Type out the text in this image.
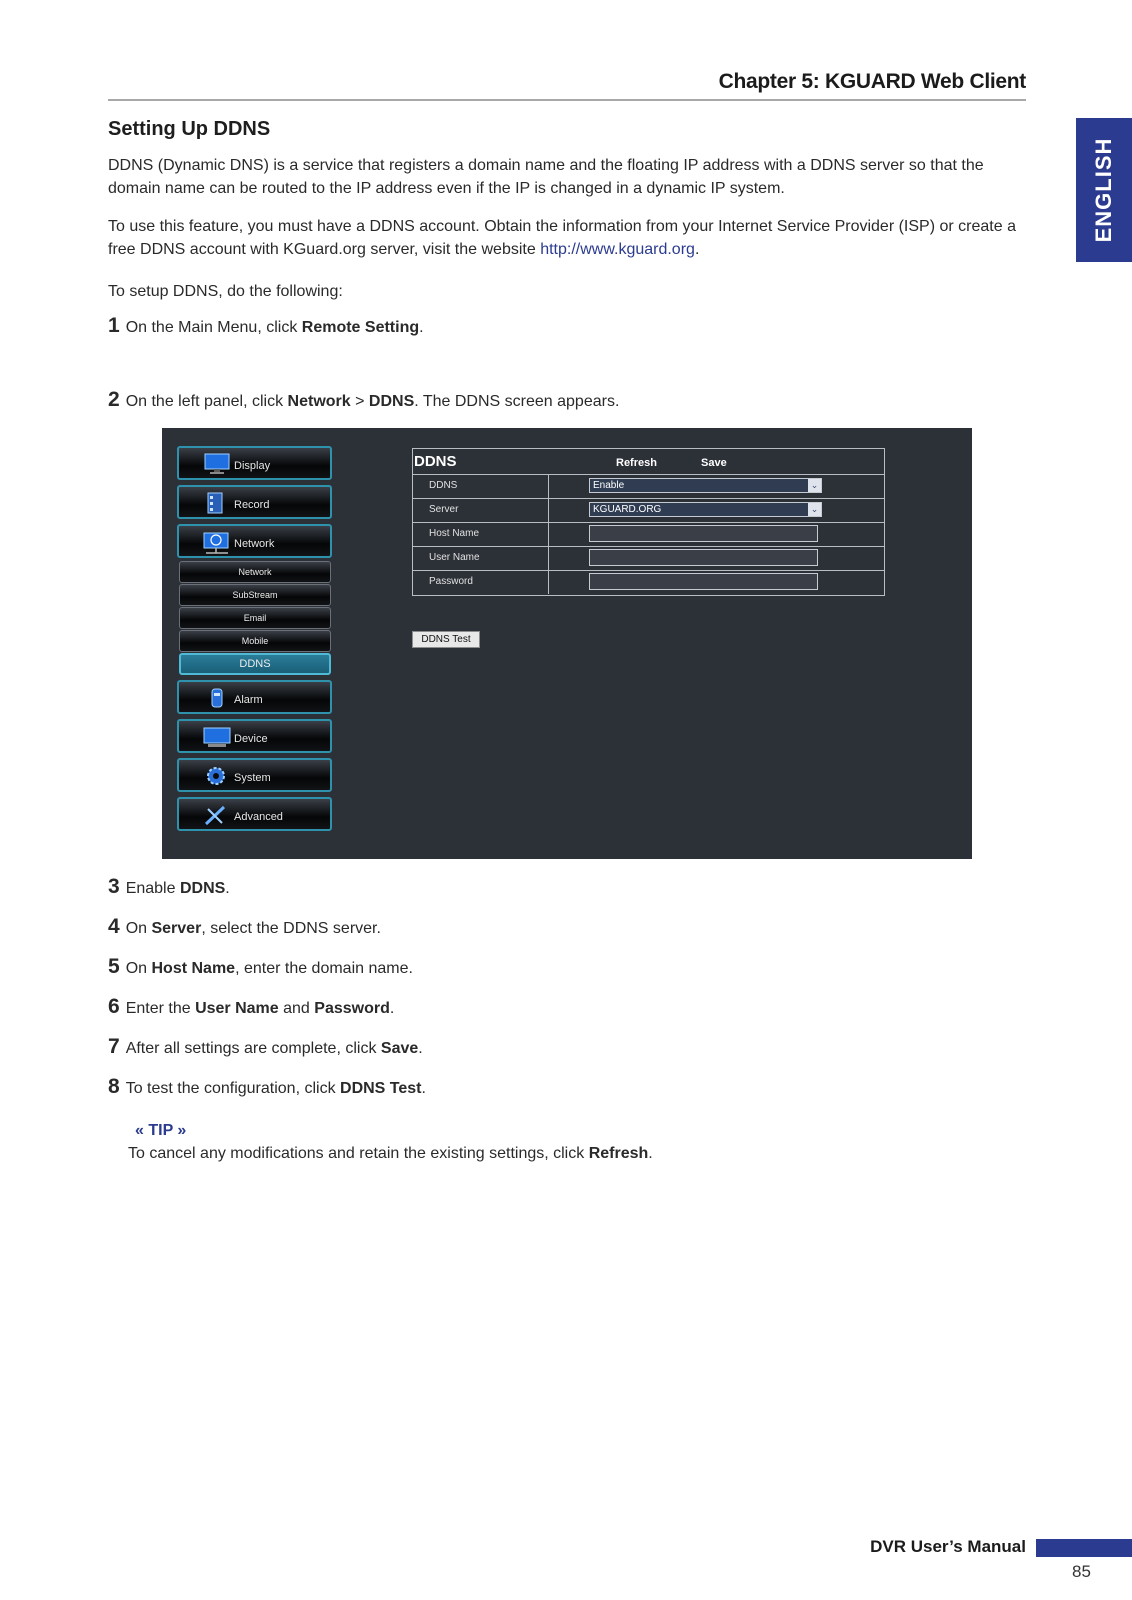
Chapter 5: KGUARD Web Client
ENGLISH
Setting Up DDNS
DDNS (Dynamic DNS) is a service that registers a domain name and the floating IP address with a DDNS server so that the domain name can be routed to the IP address even if the IP is changed in a dynamic IP system.
To use this feature, you must have a DDNS account. Obtain the information from your Internet Service Provider (ISP) or create a free DDNS account with KGuard.org server, visit the website http://www.kguard.org.
To setup DDNS, do the following:
1 On the Main Menu, click Remote Setting.
2 On the left panel, click Network > DDNS. The DDNS screen appears.
Display
Record
Network
Network
SubStream
Email
Mobile
DDNS
Alarm
Device
System
Advanced
DDNS	Refresh	Save
DDNS	Enable	⌄
Server	KGUARD.ORG	⌄
Host Name
User Name
Password
DDNS Test
3 Enable DDNS.
4 On Server, select the DDNS server.
5 On Host Name, enter the domain name.
6 Enter the User Name and Password.
7 After all settings are complete, click Save.
8 To test the configuration, click DDNS Test.
« TIP »
To cancel any modifications and retain the existing settings, click Refresh.
DVR User’s Manual
85
